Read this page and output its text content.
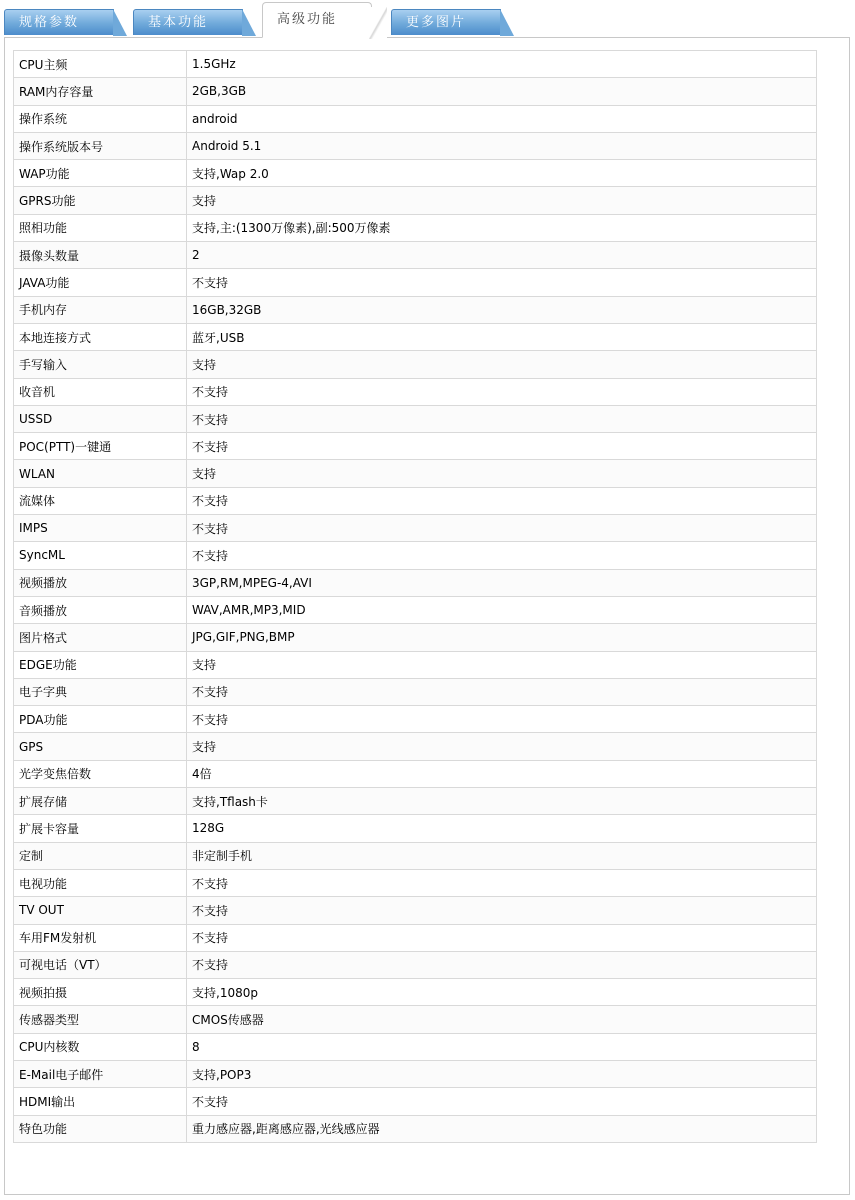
规格参数	基本功能	高级功能	更多图片
CPU主频	1.5GHz
RAM内存容量	2GB,3GB
操作系统	android
操作系统版本号	Android 5.1
WAP功能	支持,Wap 2.0
GPRS功能	支持
照相功能	支持,主:(1300万像素),副:500万像素
摄像头数量	2
JAVA功能	不支持
手机内存	16GB,32GB
本地连接方式	蓝牙,USB
手写输入	支持
收音机	不支持
USSD	不支持
POC(PTT)一键通	不支持
WLAN	支持
流媒体	不支持
IMPS	不支持
SyncML	不支持
视频播放	3GP,RM,MPEG-4,AVI
音频播放	WAV,AMR,MP3,MID
图片格式	JPG,GIF,PNG,BMP
EDGE功能	支持
电子字典	不支持
PDA功能	不支持
GPS	支持
光学变焦倍数	4倍
扩展存储	支持,Tflash卡
扩展卡容量	128G
定制	非定制手机
电视功能	不支持
TV OUT	不支持
车用FM发射机	不支持
可视电话（VT）	不支持
视频拍摄	支持,1080p
传感器类型	CMOS传感器
CPU内核数	8
E-Mail电子邮件	支持,POP3
HDMI输出	不支持
特色功能	重力感应器,距离感应器,光线感应器
